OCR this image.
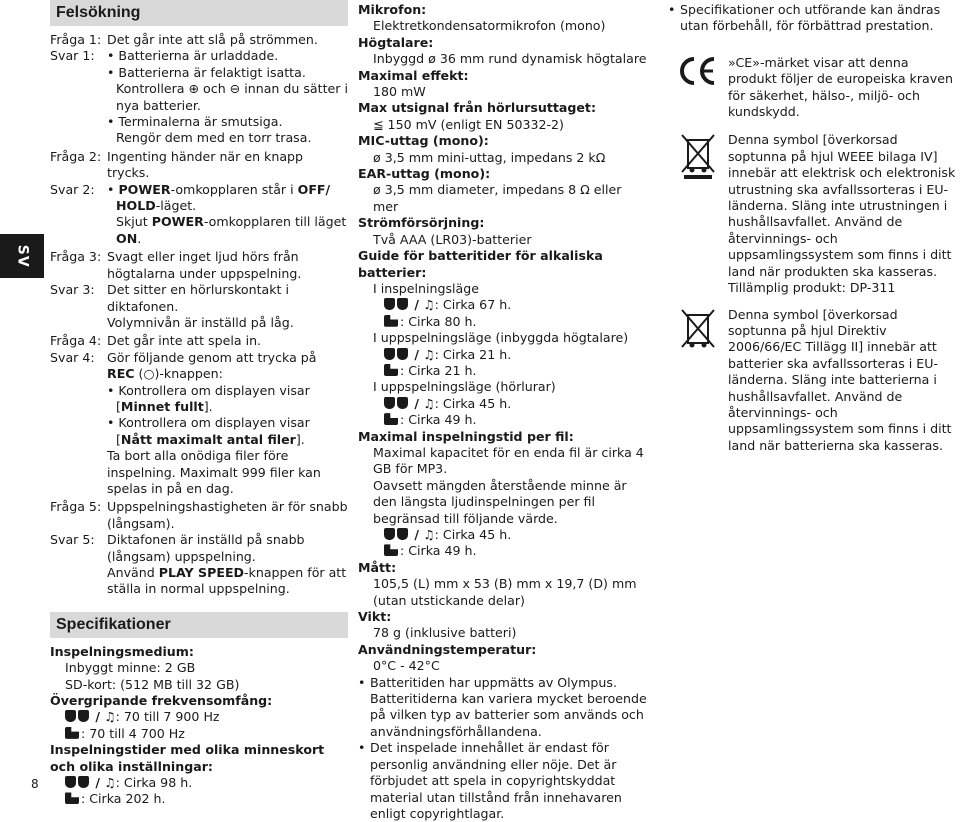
SV
8
Felsökning
Fråga 1: Det går inte att slå på strömmen.
Svar 1: • Batterierna är urladdade.
• Batterierna är felaktigt isatta.
Kontrollera ⊕ och ⊖ innan du sätter i
nya batterier.
• Terminalerna är smutsiga.
Rengör dem med en torr trasa.
Fråga 2: Ingenting händer när en knapp trycks.
Svar 2: • POWER-omkopplaren står i OFF/
HOLD-läget.
Skjut POWER-omkopplaren till läget
ON.
Fråga 3: Svagt eller inget ljud hörs från
högtalarna under uppspelning.
Svar 3: Det sitter en hörlurskontakt i
diktafonen.
Volymnivån är inställd på låg.
Fråga 4: Det går inte att spela in.
Svar 4: Gör följande genom att trycka på
REC (○)-knappen:
• Kontrollera om displayen visar
[Minnet fullt].
• Kontrollera om displayen visar
[Nått maximalt antal filer].
Ta bort alla onödiga filer före
inspelning. Maximalt 999 filer kan
spelas in på en dag.
Fråga 5: Uppspelningshastigheten är för snabb
(långsam).
Svar 5: Diktafonen är inställd på snabb
(långsam) uppspelning.
Använd PLAY SPEED-knappen för att
ställa in normal uppspelning.
Specifikationer
Inspelningsmedium:
Inbyggt minne: 2 GB
SD-kort: (512 MB till 32 GB)
Övergripande frekvensomfång:
/ ♫: 70 till 7 900 Hz
: 70 till 4 700 Hz
Inspelningstider med olika minneskort och olika inställningar:
/ ♫: Cirka 98 h.
: Cirka 202 h.
Mikrofon:
Elektretkondensatormikrofon (mono)
Högtalare:
Inbyggd ø 36 mm rund dynamisk högtalare
Maximal effekt:
180 mW
Max utsignal från hörlursuttaget:
≦ 150 mV (enligt EN 50332-2)
MIC-uttag (mono):
ø 3,5 mm mini-uttag, impedans 2 kΩ
EAR-uttag (mono):
ø 3,5 mm diameter, impedans 8 Ω eller mer
Strömförsörjning:
Två AAA (LR03)-batterier
Guide för batteritider för alkaliska batterier:
I inspelningsläge
/ ♫: Cirka 67 h.
: Cirka 80 h.
I uppspelningsläge (inbyggda högtalare)
/ ♫: Cirka 21 h.
: Cirka 21 h.
I uppspelningsläge (hörlurar)
/ ♫: Cirka 45 h.
: Cirka 49 h.
Maximal inspelningstid per fil:
Maximal kapacitet för en enda fil är cirka 4 GB för MP3.
Oavsett mängden återstående minne är den längsta ljudinspelningen per fil begränsad till följande värde.
/ ♫: Cirka 45 h.
: Cirka 49 h.
Mått:
105,5 (L) mm x 53 (B) mm x 19,7 (D) mm (utan utstickande delar)
Vikt:
78 g (inklusive batteri)
Användningstemperatur:
0°C - 42°C
• Batteritiden har uppmätts av Olympus. Batteritiderna kan variera mycket beroende på vilken typ av batterier som används och användningsförhållandena.
• Det inspelade innehållet är endast för personlig användning eller nöje. Det är förbjudet att spela in copyrightskyddat material utan tillstånd från innehavaren enligt copyrightlagar.
• Specifikationer och utförande kan ändras utan förbehåll, för förbättrad prestation.
»CE»-märket visar att denna produkt följer de europeiska kraven för säkerhet, hälso-, miljö- och kundskydd.
Denna symbol [överkorsad soptunna på hjul WEEE bilaga IV] innebär att elektrisk och elektronisk utrustning ska avfallssorteras i EU-länderna. Släng inte utrustningen i hushållsavfallet. Använd de återvinnings- och uppsamlingssystem som finns i ditt land när produkten ska kasseras. Tillämplig produkt: DP-311
Denna symbol [överkorsad soptunna på hjul Direktiv 2006/66/EC Tillägg II] innebär att batterier ska avfallssorteras i EU-länderna. Släng inte batterierna i hushållsavfallet. Använd de återvinnings- och uppsamlingssystem som finns i ditt land när batterierna ska kasseras.
